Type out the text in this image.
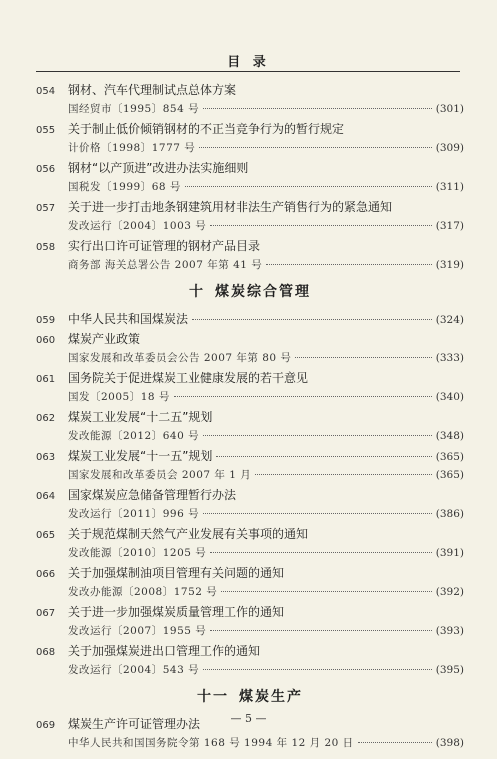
目 录
054	钢材、汽车代理制试点总体方案
国经贸市〔1995〕854 号	(301)
055	关于制止低价倾销钢材的不正当竞争行为的暂行规定
计价格〔1998〕1777 号	(309)
056	钢材“以产顶进”改进办法实施细则
国税发〔1999〕68 号	(311)
057	关于进一步打击地条钢建筑用材非法生产销售行为的紧急通知
发改运行〔2004〕1003 号	(317)
058	实行出口许可证管理的钢材产品目录
商务部 海关总署公告 2007 年第 41 号	(319)
十 煤炭综合管理
059	中华人民共和国煤炭法	(324)
060	煤炭产业政策
国家发展和改革委员会公告 2007 年第 80 号	(333)
061	国务院关于促进煤炭工业健康发展的若干意见
国发〔2005〕18 号	(340)
062	煤炭工业发展“十二五”规划
发改能源〔2012〕640 号	(348)
063	煤炭工业发展“十一五”规划	(365)
国家发展和改革委员会 2007 年 1 月	(365)
064	国家煤炭应急储备管理暂行办法
发改运行〔2011〕996 号	(386)
065	关于规范煤制天然气产业发展有关事项的通知
发改能源〔2010〕1205 号	(391)
066	关于加强煤制油项目管理有关问题的通知
发改办能源〔2008〕1752 号	(392)
067	关于进一步加强煤炭质量管理工作的通知
发改运行〔2007〕1955 号	(393)
068	关于加强煤炭进出口管理工作的通知
发改运行〔2004〕543 号	(395)
十一 煤炭生产
069	煤炭生产许可证管理办法
中华人民共和国国务院令第 168 号 1994 年 12 月 20 日	(398)
— 5 —
